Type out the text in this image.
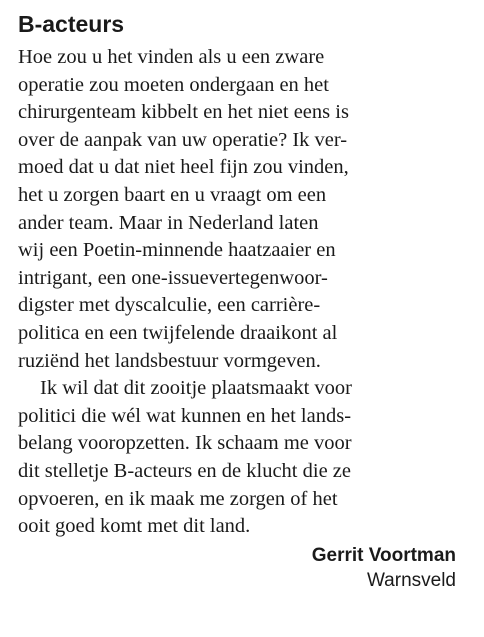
B-acteurs

Hoe zou u het vinden als u een zware
operatie zou moeten ondergaan en het
chirurgenteam kibbelt en het niet eens is
over de aanpak van uw operatie? Ik ver-
moed dat u dat niet heel fijn zou vinden,
het u zorgen baart en u vraagt om een
ander team. Maar in Nederland laten
wij een Poetin-minnende haatzaaier en
intrigant, een one-issuevertegenwoor-
digster met dyscalculie, een carrière-
politica en een twijfelende draaikont al
ruziënd het landsbestuur vormgeven.

Ik wil dat dit zooitje plaatsmaakt voor
politici die wél wat kunnen en het lands-
belang vooropzetten. Ik schaam me voor
dit stelletje B-acteurs en de klucht die ze
opvoeren, en ik maak me zorgen of het
ooit goed komt met dit land.

Gerrit Voortman
Warnsveld
